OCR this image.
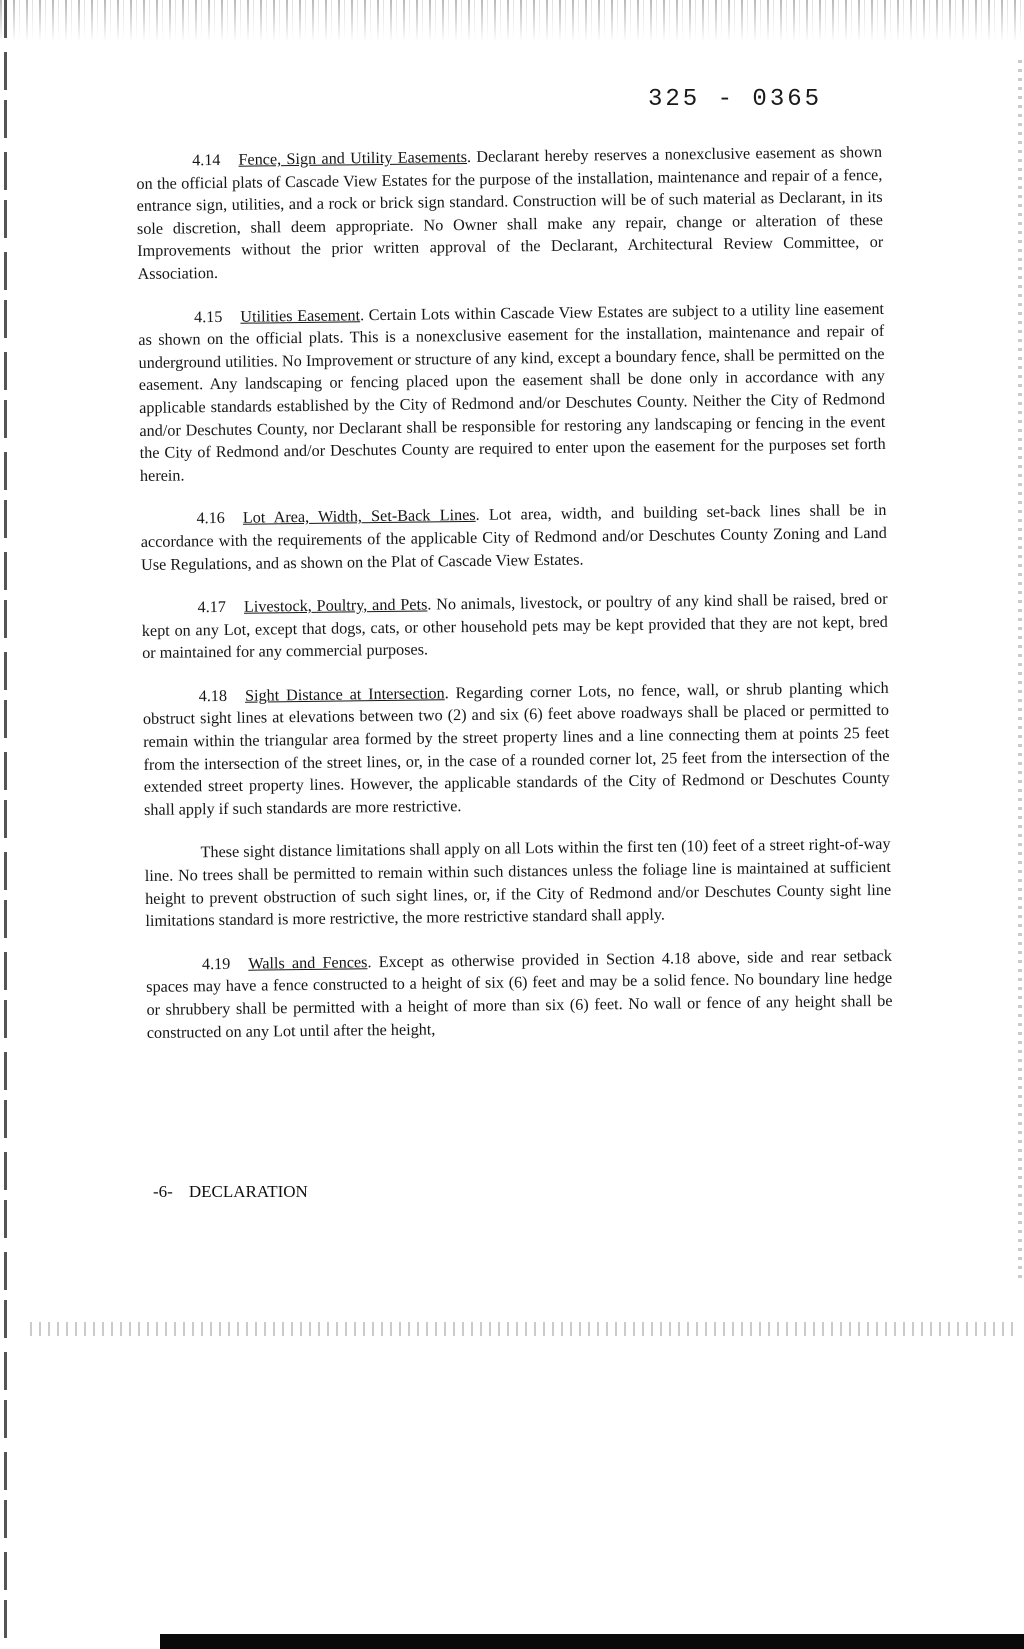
325 - 0365

4.14 Fence, Sign and Utility Easements. Declarant hereby reserves a nonexclusive easement as shown on the official plats of Cascade View Estates for the purpose of the installation, maintenance and repair of a fence, entrance sign, utilities, and a rock or brick sign standard. Construction will be of such material as Declarant, in its sole discretion, shall deem appropriate. No Owner shall make any repair, change or alteration of these Improvements without the prior written approval of the Declarant, Architectural Review Committee, or Association.

4.15 Utilities Easement. Certain Lots within Cascade View Estates are subject to a utility line easement as shown on the official plats. This is a nonexclusive easement for the installation, maintenance and repair of underground utilities. No Improvement or structure of any kind, except a boundary fence, shall be permitted on the easement. Any landscaping or fencing placed upon the easement shall be done only in accordance with any applicable standards established by the City of Redmond and/or Deschutes County. Neither the City of Redmond and/or Deschutes County, nor Declarant shall be responsible for restoring any landscaping or fencing in the event the City of Redmond and/or Deschutes County are required to enter upon the easement for the purposes set forth herein.

4.16 Lot Area, Width, Set-Back Lines. Lot area, width, and building set-back lines shall be in accordance with the requirements of the applicable City of Redmond and/or Deschutes County Zoning and Land Use Regulations, and as shown on the Plat of Cascade View Estates.

4.17 Livestock, Poultry, and Pets. No animals, livestock, or poultry of any kind shall be raised, bred or kept on any Lot, except that dogs, cats, or other household pets may be kept provided that they are not kept, bred or maintained for any commercial purposes.

4.18 Sight Distance at Intersection. Regarding corner Lots, no fence, wall, or shrub planting which obstruct sight lines at elevations between two (2) and six (6) feet above roadways shall be placed or permitted to remain within the triangular area formed by the street property lines and a line connecting them at points 25 feet from the intersection of the street lines, or, in the case of a rounded corner lot, 25 feet from the intersection of the extended street property lines. However, the applicable standards of the City of Redmond or Deschutes County shall apply if such standards are more restrictive.

These sight distance limitations shall apply on all Lots within the first ten (10) feet of a street right-of-way line. No trees shall be permitted to remain within such distances unless the foliage line is maintained at sufficient height to prevent obstruction of such sight lines, or, if the City of Redmond and/or Deschutes County sight line limitations standard is more restrictive, the more restrictive standard shall apply.

4.19 Walls and Fences. Except as otherwise provided in Section 4.18 above, side and rear setback spaces may have a fence constructed to a height of six (6) feet and may be a solid fence. No boundary line hedge or shrubbery shall be permitted with a height of more than six (6) feet. No wall or fence of any height shall be constructed on any Lot until after the height,

-6- DECLARATION
